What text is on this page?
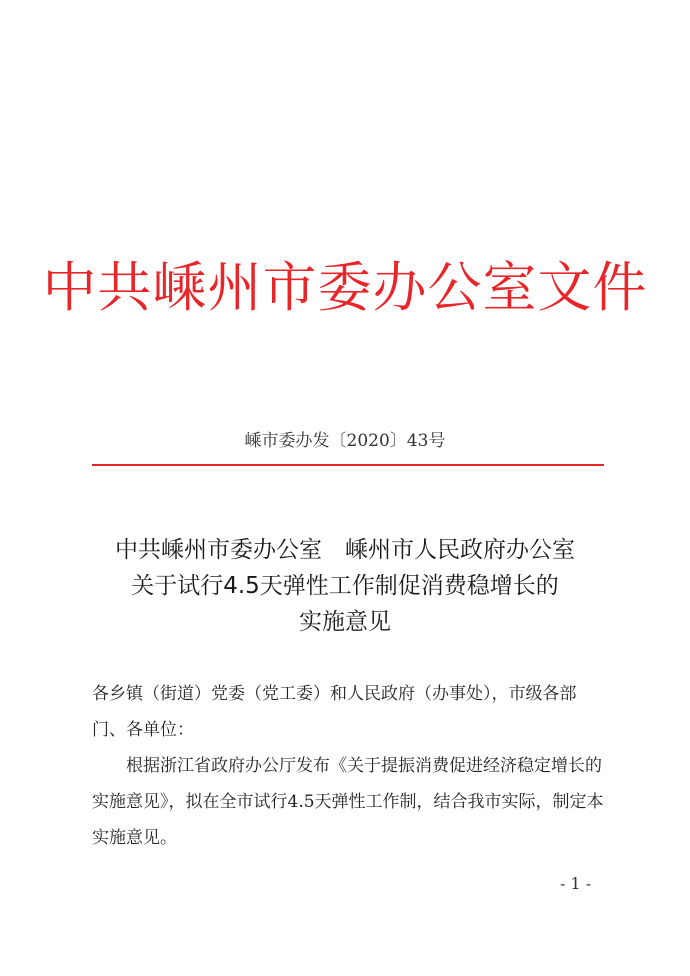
中共嵊州市委办公室文件
嵊市委办发〔2020〕43号
中共嵊州市委办公室　嵊州市人民政府办公室
关于试行4.5天弹性工作制促消费稳增长的
实施意见

各乡镇（街道）党委（党工委）和人民政府（办事处），市级各部门、各单位：

根据浙江省政府办公厅发布《关于提振消费促进经济稳定增长的实施意见》，拟在全市试行4.5天弹性工作制，结合我市实际，制定本实施意见。

- 1 -
